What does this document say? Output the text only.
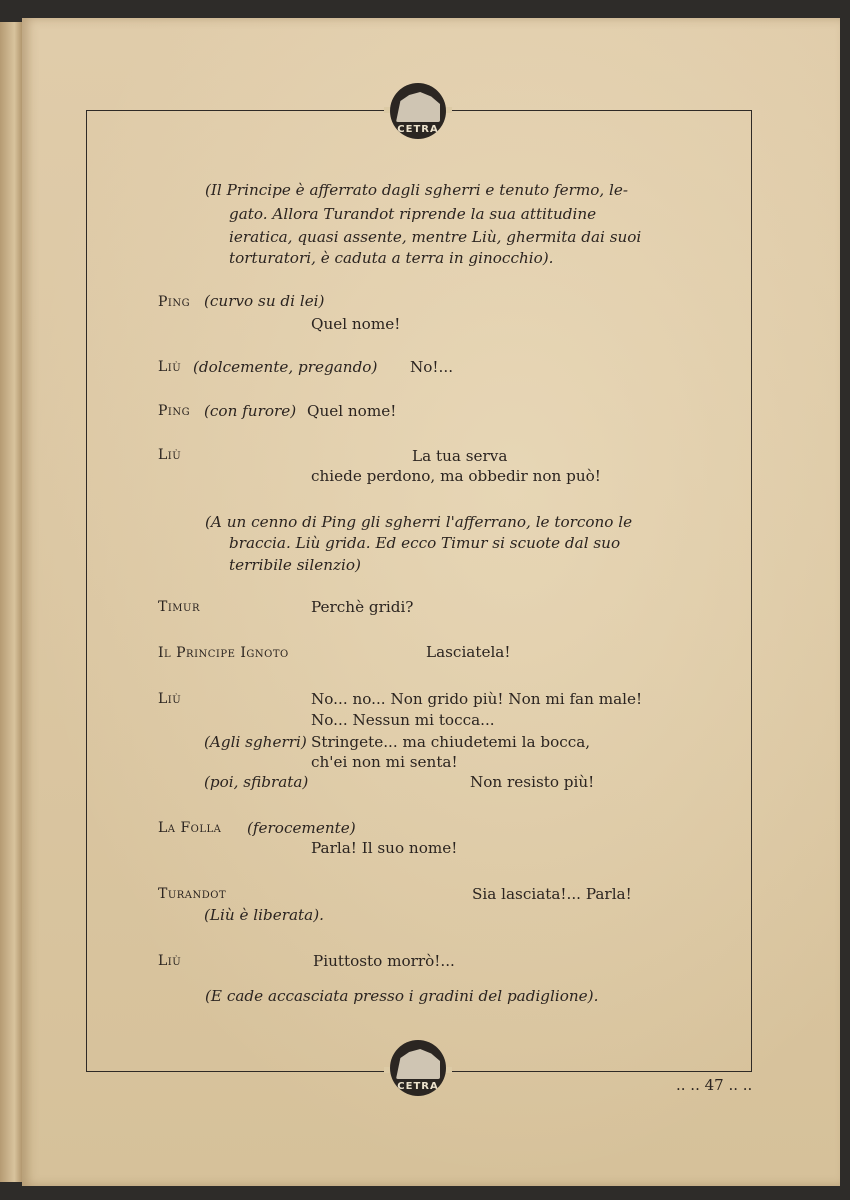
CETRA
(Il Principe è afferrato dagli sgherri e tenuto fermo, le-
gato. Allora Turandot riprende la sua attitudine
ieratica, quasi assente, mentre Liù, ghermita dai suoi
torturatori, è caduta a terra in ginocchio).
Ping (curvo su di lei)
Quel nome!
Liù (dolcemente, pregando) No!...
Ping (con furore) Quel nome!
Liù	La tua serva
chiede perdono, ma obbedir non può!
(A un cenno di Ping gli sgherri l'afferrano, le torcono le
braccia. Liù grida. Ed ecco Timur si scuote dal suo
terribile silenzio)
Timur	Perchè gridi?
Il Principe Ignoto	Lasciatela!
Liù	No... no... Non grido più! Non mi fan male!
No... Nessun mi tocca...
(Agli sgherri) Stringete... ma chiudetemi la bocca,
ch'ei non mi senta!
(poi, sfibrata)	Non resisto più!
La Folla (ferocemente)
Parla! Il suo nome!
Turandot	Sia lasciata!... Parla!
(Liù è liberata).
Liù	Piuttosto morrò!...
(E cade accasciata presso i gradini del padiglione).
CETRA	.. .. 47 .. ..
